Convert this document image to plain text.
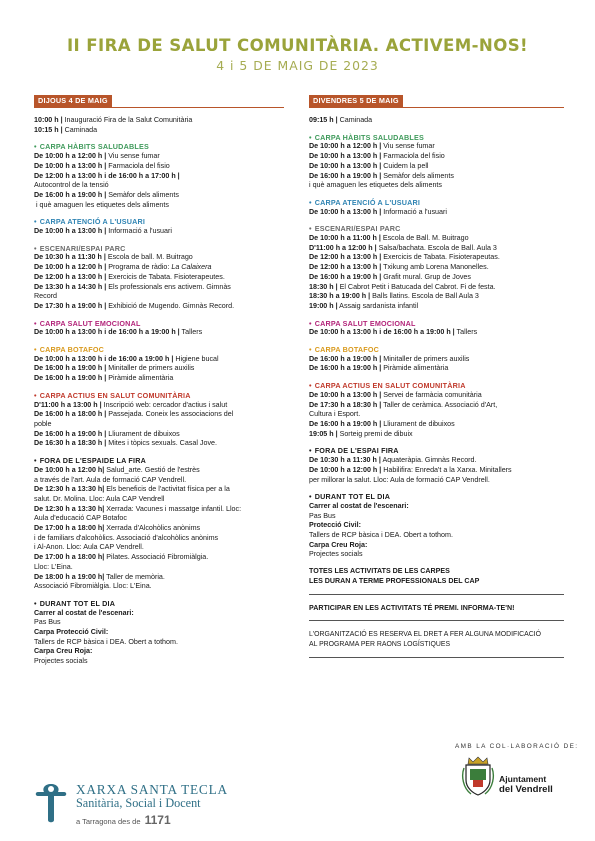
II FIRA DE SALUT COMUNITÀRIA. ACTIVEM-NOS!
4 i 5 DE MAIG DE 2023
DIJOUS 4 DE MAIG
10:00 h | Inauguració Fira de la Salut Comunitària
10:15 h | Caminada
• CARPA HÀBITS SALUDABLES
De 10:00 h a 12:00 h | Viu sense fumar
De 10:00 h a 13:00 h | Farmaciola del fisio
De 12:00 h a 13:00 h i de 16:00 h a 17:00 h |
Autocontrol de la tensió
De 16:00 h a 19:00 h | Semàfor dels aliments
i què amaguen les etiquetes dels aliments
• CARPA ATENCIÓ A L'USUARI
De 10:00 h a 13:00 h | Informació a l'usuari
• ESCENARI/ESPAI PARC
De 10:30 h a 11:30 h | Escola de ball. M. Buitrago
De 10:00 h a 12:00 h | Programa de ràdio: La Calaixera
De 12:00 h a 13:00 h | Exercicis de Tabata. Fisioterapeutes.
De 13:30 h a 14:30 h | Els professionals ens activem. Gimnàs
Record
De 17:30 h a 19:00 h | Exhibició de Mugendo. Gimnàs Record.
• CARPA SALUT EMOCIONAL
De 10:00 h a 13:00 h i de 16:00 h a 19:00 h | Tallers
• CARPA BOTAFOC
De 10:00 h a 13:00 h i de 16:00 a 19:00 h | Higiene bucal
De 16:00 h a 19:00 h | Minitaller de primers auxilis
De 16:00 h a 19:00 h | Piràmide alimentària
• CARPA ACTIUS EN SALUT COMUNITÀRIA
D'11:00 h a 13:00 h | Inscripció web: cercador d'actius i salut
De 16:00 h a 18:00 h | Passejada. Coneix les associacions del
poble
De 16:00 h a 19:00 h | Lliurament de dibuixos
De 16:30 h a 18:30 h | Mites i tòpics sexuals. Casal Jove.
• FORA DE L'ESPAIDE LA FIRA
De 10:00 h a 12:00 h| Salud_arte. Gestió de l'estrès
a través de l'art. Aula de formació CAP Vendrell.
De 12:30 h a 13:30 h| Els beneficis de l'activitat física per a la
salut. Dr. Molina. Lloc: Aula CAP Vendrell
De 12:30 h a 13:30 h| Xerrada: Vacunes i massatge infantil. Lloc:
Aula d'educació CAP Botafoc
De 17:00 h a 18:00 h| Xerrada d'Alcohòlics anònims
i de familiars d'alcohòlics. Associació d'alcohòlics anònims
i Al-Anon. Lloc: Aula CAP Vendrell.
De 17:00 h a 18:00 h| Pilates. Associació Fibromiàlgia.
Lloc: L'Eina.
De 18:00 h a 19:00 h| Taller de memòria.
Associació Fibromiàlgia. Lloc: L'Eina.
• DURANT TOT EL DIA
Carrer al costat de l'escenari:
Pas Bus
Carpa Protecció Civil:
Tallers de RCP bàsica i DEA. Obert a tothom.
Carpa Creu Roja:
Projectes socials
DIVENDRES 5 DE MAIG
09:15 h | Caminada
• CARPA HÀBITS SALUDABLES
De 10:00 h a 12:00 h | Viu sense fumar
De 10:00 h a 13:00 h | Farmaciola del fisio
De 10:00 h a 13:00 h | Cuidem la pell
De 16:00 h a 19:00 h | Semàfor dels aliments
i què amaguen les etiquetes dels aliments
• CARPA ATENCIÓ A L'USUARI
De 10:00 h a 13:00 h | Informació a l'usuari
• ESCENARI/ESPAI PARC
De 10:00 h a 11:00 h | Escola de Ball. M. Buitrago
D'11:00 h a 12:00 h | Salsa/bachata. Escola de Ball. Aula 3
De 12:00 h a 13:00 h | Exercicis de Tabata. Fisioterapeutas.
De 12:00 h a 13:00 h | Txikung amb Lorena Manonelles.
De 16:00 h a 19:00 h | Grafit mural. Grup de Joves
18:30 h | El Cabrot Petit i Batucada del Cabrot. Fi de festa.
18:30 h a 19:00 h | Balls llatins. Escola de Ball Aula 3
19:00 h | Assaig sardanista infantil
• CARPA SALUT EMOCIONAL
De 10:00 h a 13:00 h i de 16:00 h a 19:00 h | Tallers
• CARPA BOTAFOC
De 16:00 h a 19:00 h | Minitaller de primers auxilis
De 16:00 h a 19:00 h | Piràmide alimentària
• CARPA ACTIUS EN SALUT COMUNITÀRIA
De 10:00 h a 13:00 h | Servei de farmàcia comunitària
De 17:30 h a 18:30 h | Taller de ceràmica. Associació d'Art,
Cultura i Esport.
De 16:00 h a 19:00 h | Lliurament de dibuixos
19:05 h | Sorteig premi de dibuix
• FORA DE L'ESPAI FIRA
De 10:30 h a 11:30 h | Aquateràpia. Gimnàs Record.
De 10:00 h a 12:00 h | Habilifira: Enreda't a la Xarxa. Minitallers
per millorar la salut. Lloc: Aula de formació CAP Vendrell.
• DURANT TOT EL DIA
Carrer al costat de l'escenari:
Pas Bus
Protecció Civil:
Tallers de RCP bàsica i DEA. Obert a tothom.
Carpa Creu Roja:
Projectes socials
TOTES LES ACTIVITATS DE LES CARPES
LES DURAN A TERME PROFESSIONALS DEL CAP
PARTICIPAR EN LES ACTIVITATS TÉ PREMI. INFORMA-TE'N!
L'ORGANITZACIÓ ES RESERVA EL DRET A FER ALGUNA MODIFICACIÓ
AL PROGRAMA PER RAONS LOGÍSTIQUES
XARXA SANTA TECLA
Sanitària, Social i Docent
a Tarragona des de 1171
AMB LA COL·LABORACIÓ DE:
Ajuntament
del Vendrell
